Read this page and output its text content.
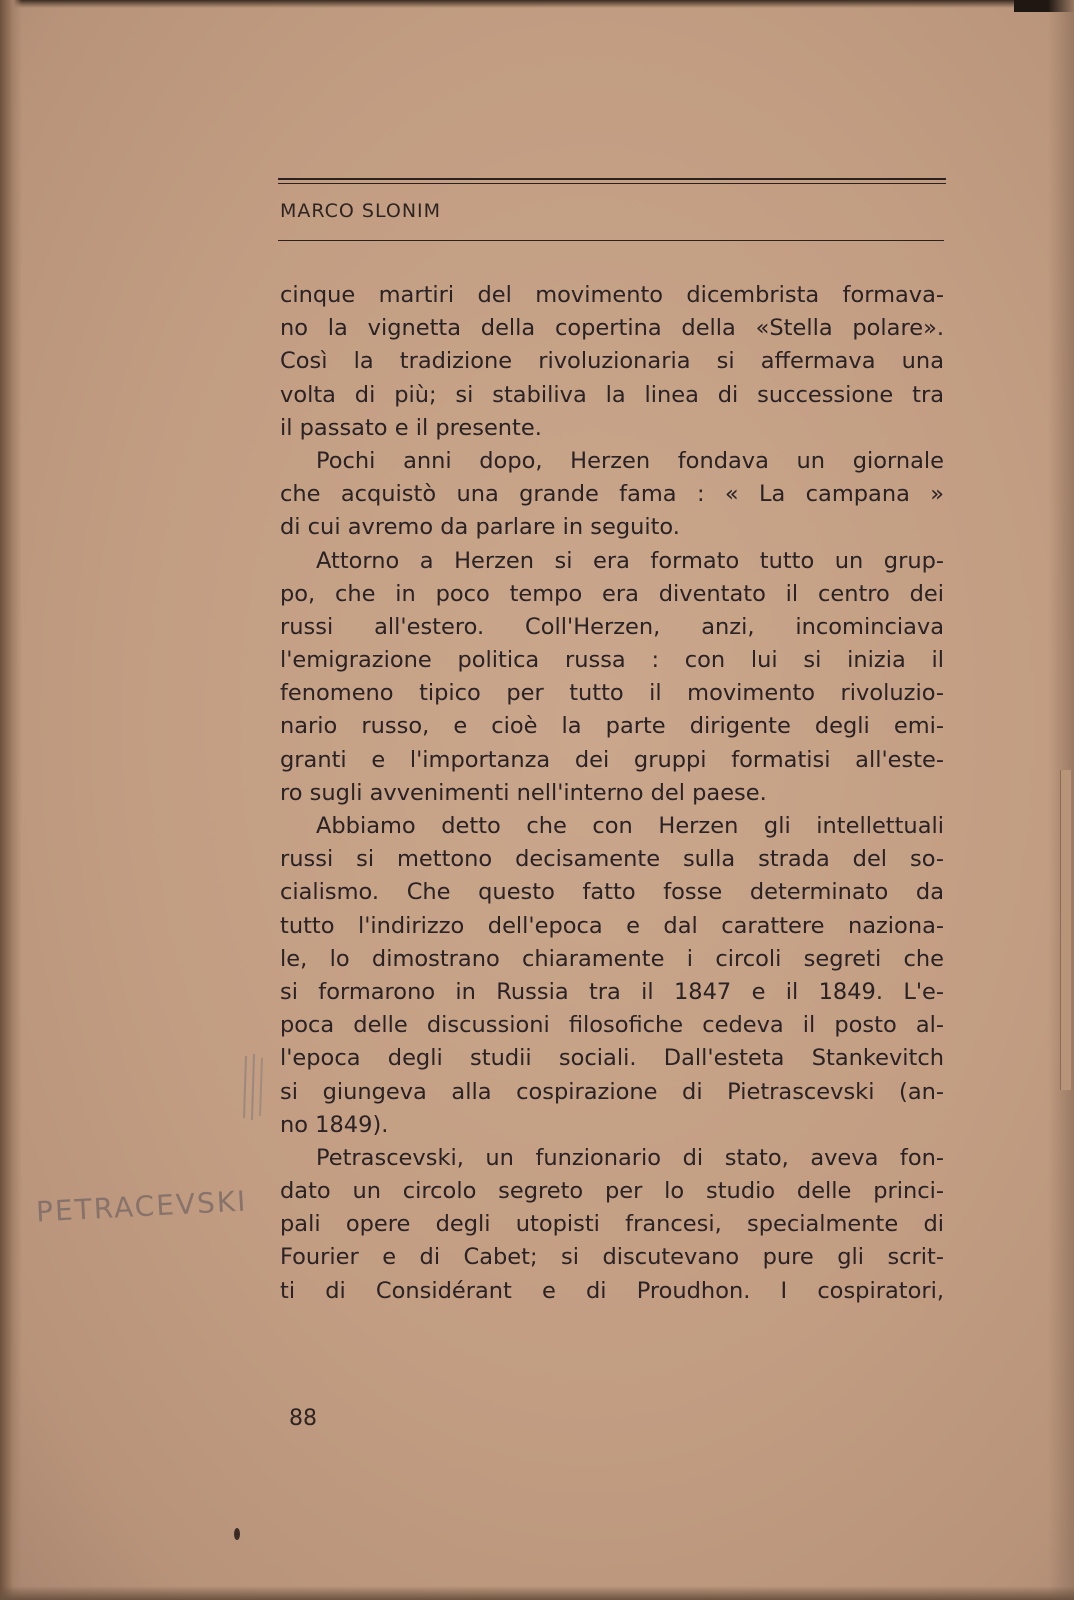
MARCO SLONIM
cinque martiri del movimento dicembrista formava-
no la vignetta della copertina della «Stella polare».
Così la tradizione rivoluzionaria si affermava una
volta di più; si stabiliva la linea di successione tra
il passato e il presente.
Pochi anni dopo, Herzen fondava un giornale
che acquistò una grande fama : « La campana »
di cui avremo da parlare in seguito.
Attorno a Herzen si era formato tutto un grup-
po, che in poco tempo era diventato il centro dei
russi all'estero. Coll'Herzen, anzi, incominciava
l'emigrazione politica russa : con lui si inizia il
fenomeno tipico per tutto il movimento rivoluzio-
nario russo, e cioè la parte dirigente degli emi-
granti e l'importanza dei gruppi formatisi all'este-
ro sugli avvenimenti nell'interno del paese.
Abbiamo detto che con Herzen gli intellettuali
russi si mettono decisamente sulla strada del so-
cialismo. Che questo fatto fosse determinato da
tutto l'indirizzo dell'epoca e dal carattere naziona-
le, lo dimostrano chiaramente i circoli segreti che
si formarono in Russia tra il 1847 e il 1849. L'e-
poca delle discussioni filosofiche cedeva il posto al-
l'epoca degli studii sociali. Dall'esteta Stankevitch
si giungeva alla cospirazione di Pietrascevski (an-
no 1849).
Petrascevski, un funzionario di stato, aveva fon-
dato un circolo segreto per lo studio delle princi-
pali opere degli utopisti francesi, specialmente di
Fourier e di Cabet; si discutevano pure gli scrit-
ti di Considérant e di Proudhon. I cospiratori,
PETRACEVSKI
88
